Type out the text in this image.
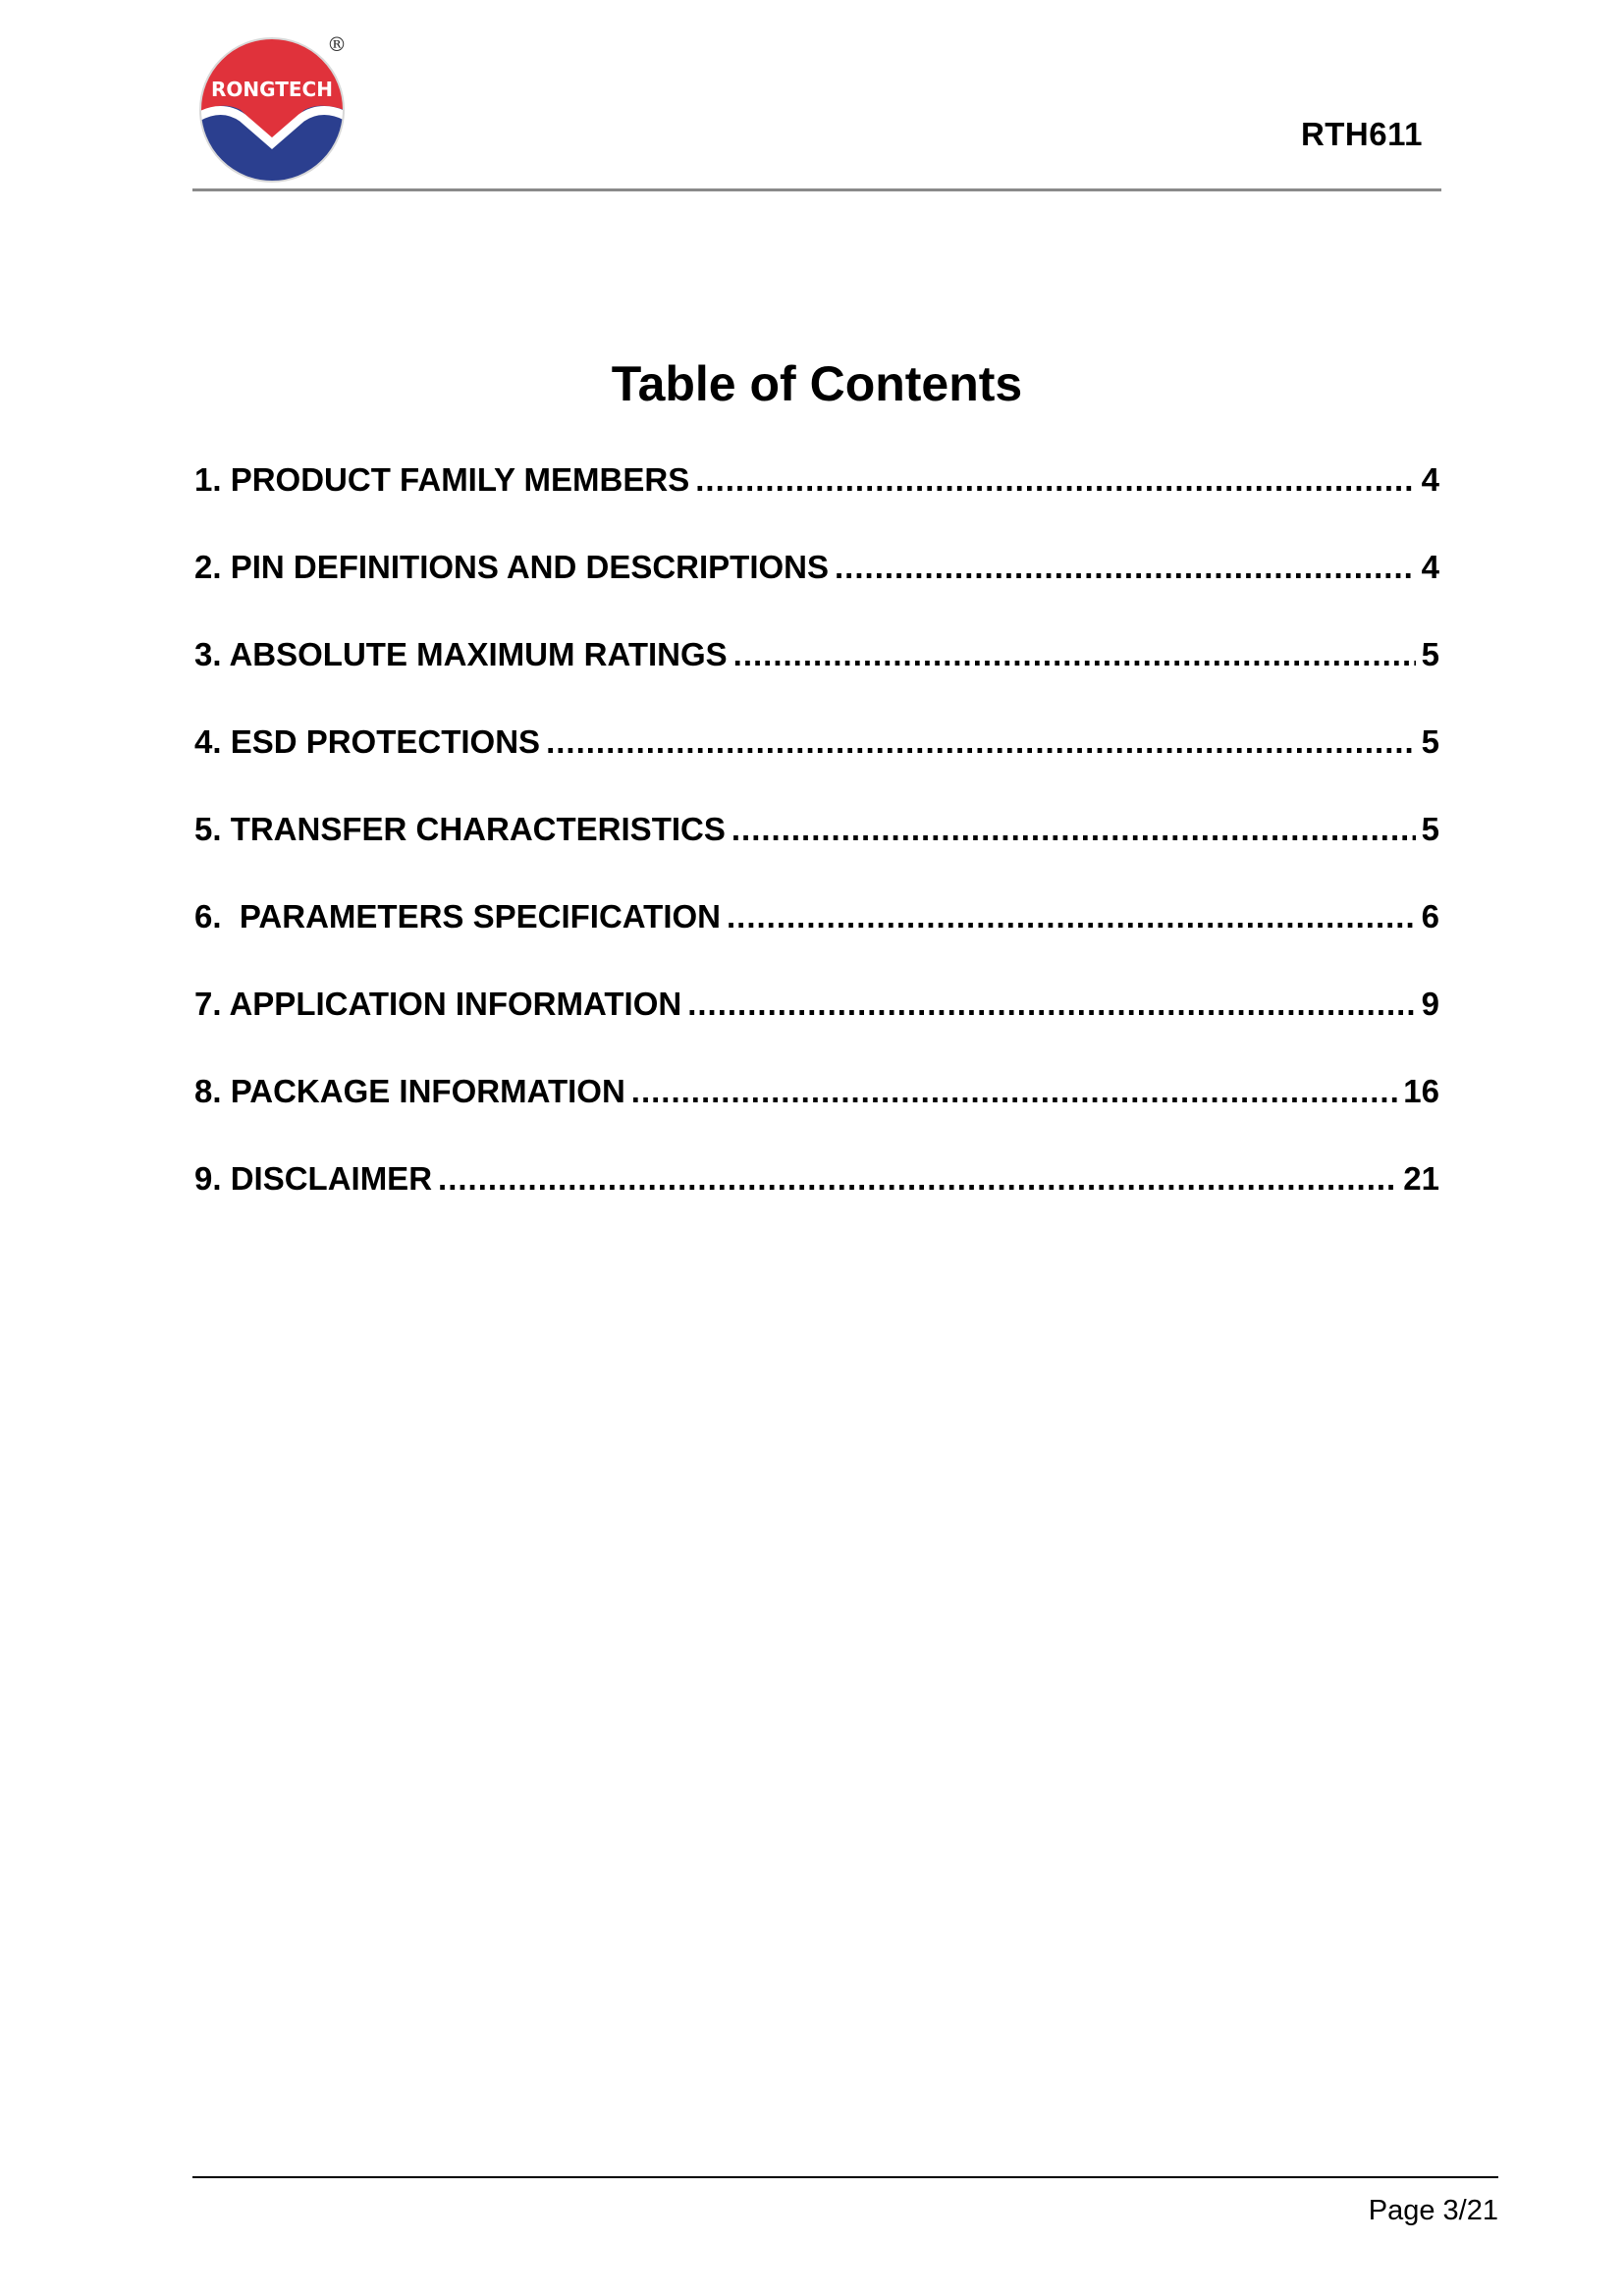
RONGTECH
®
RTH611
Table of Contents
1. PRODUCT FAMILY MEMBERS .....	4
2. PIN DEFINITIONS AND DESCRIPTIONS .....	4
3. ABSOLUTE MAXIMUM RATINGS .....	5
4. ESD PROTECTIONS .....	5
5. TRANSFER CHARACTERISTICS .....	5
6.  PARAMETERS SPECIFICATION .....	6
7. APPLICATION INFORMATION .....	9
8. PACKAGE INFORMATION .....	16
9. DISCLAIMER .....	21
Page 3/21
